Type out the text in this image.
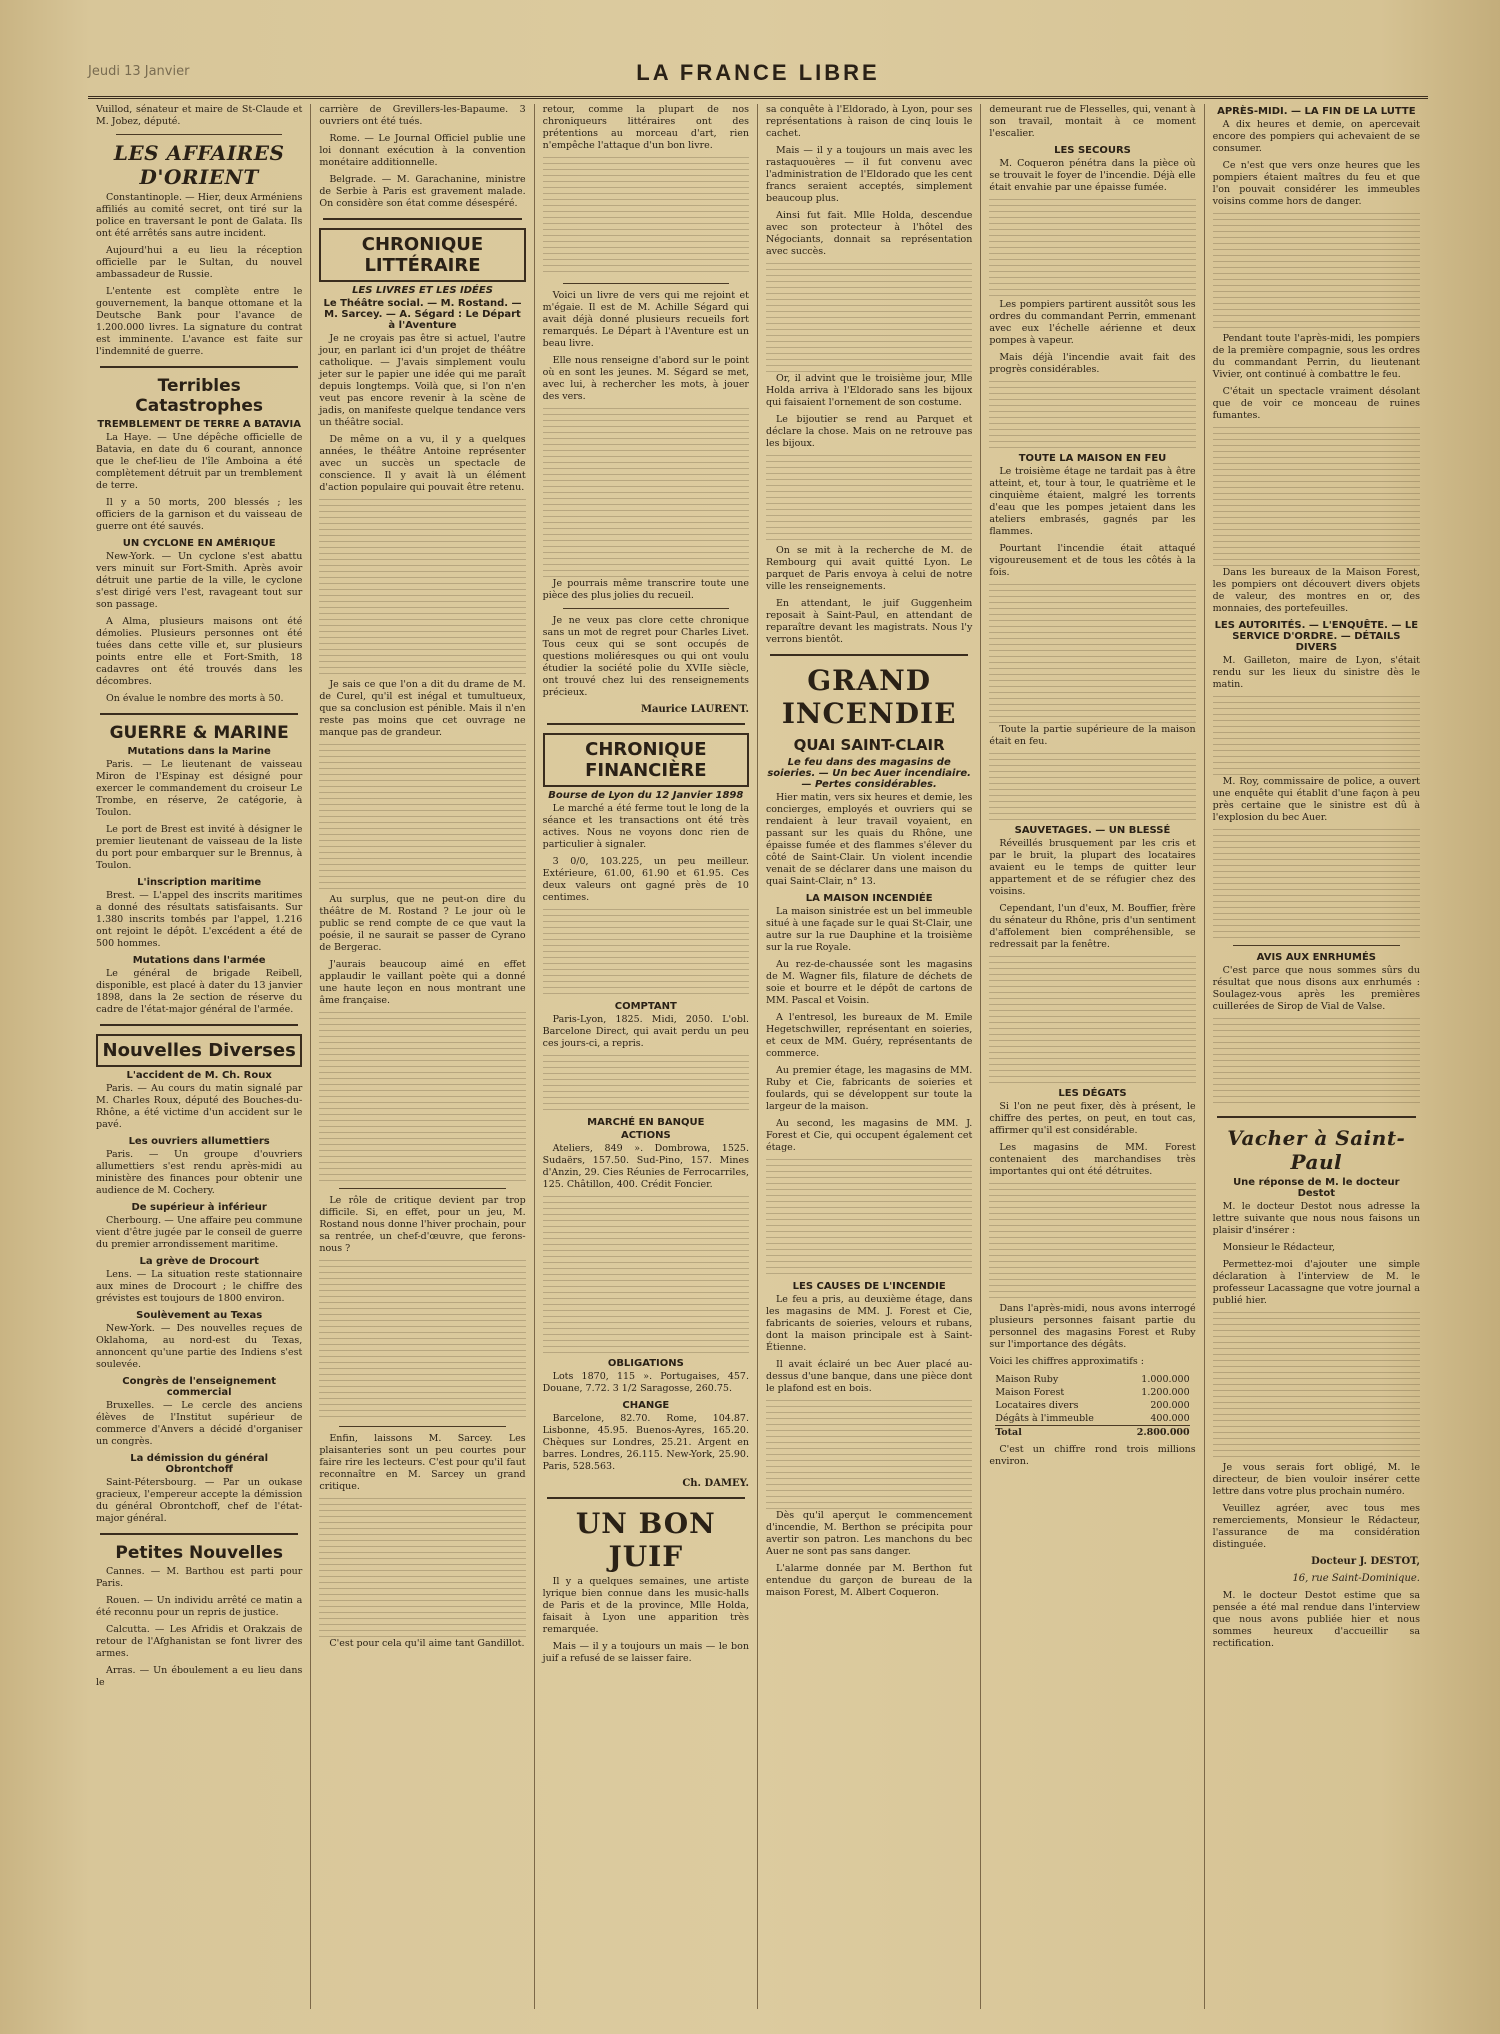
Jeudi 13 Janvier	LA FRANCE LIBRE

Vuillod, sénateur et maire de St-Claude et M. Jobez, député.

LES AFFAIRES D'ORIENT

Constantinople. — Hier, deux Arméniens affiliés au comité secret, ont tiré sur la police en traversant le pont de Galata. Ils ont été arrêtés sans autre incident.

Aujourd'hui a eu lieu la réception officielle par le Sultan, du nouvel ambassadeur de Russie.

L'entente est complète entre le gouvernement, la banque ottomane et la Deutsche Bank pour l'avance de 1.200.000 livres. La signature du contrat est imminente. L'avance est faite sur l'indemnité de guerre.

Terribles Catastrophes
TREMBLEMENT DE TERRE A BATAVIA

La Haye. — Une dépêche officielle de Batavia, en date du 6 courant, annonce que le chef-lieu de l'île Amboina a été complètement détruit par un tremblement de terre.

Il y a 50 morts, 200 blessés ; les officiers de la garnison et du vaisseau de guerre ont été sauvés.

UN CYCLONE EN AMÉRIQUE

New-York. — Un cyclone s'est abattu vers minuit sur Fort-Smith. Après avoir détruit une partie de la ville, le cyclone s'est dirigé vers l'est, ravageant tout sur son passage.

A Alma, plusieurs maisons ont été démolies. Plusieurs personnes ont été tuées dans cette ville et, sur plusieurs points entre elle et Fort-Smith, 18 cadavres ont été trouvés dans les décombres.

On évalue le nombre des morts à 50.

GUERRE & MARINE
Mutations dans la Marine

Paris. — Le lieutenant de vaisseau Miron de l'Espinay est désigné pour exercer le commandement du croiseur Le Trombe, en réserve, 2e catégorie, à Toulon.

Le port de Brest est invité à désigner le premier lieutenant de vaisseau de la liste du port pour embarquer sur le Brennus, à Toulon.

L'inscription maritime

Brest. — L'appel des inscrits maritimes a donné des résultats satisfaisants. Sur 1.380 inscrits tombés par l'appel, 1.216 ont rejoint le dépôt. L'excédent a été de 500 hommes.

Mutations dans l'armée

Le général de brigade Reibell, disponible, est placé à dater du 13 janvier 1898, dans la 2e section de réserve du cadre de l'état-major général de l'armée.

Nouvelles Diverses
L'accident de M. Ch. Roux

Paris. — Au cours du matin signalé par M. Charles Roux, député des Bouches-du-Rhône, a été victime d'un accident sur le pavé.

Les ouvriers allumettiers

Paris. — Un groupe d'ouvriers allumettiers s'est rendu après-midi au ministère des finances pour obtenir une audience de M. Cochery.

De supérieur à inférieur

Cherbourg. — Une affaire peu commune vient d'être jugée par le conseil de guerre du premier arrondissement maritime.

La grève de Drocourt

Lens. — La situation reste stationnaire aux mines de Drocourt ; le chiffre des grévistes est toujours de 1800 environ.

Soulèvement au Texas

New-York. — Des nouvelles reçues de Oklahoma, au nord-est du Texas, annoncent qu'une partie des Indiens s'est soulevée.

Congrès de l'enseignement commercial

Bruxelles. — Le cercle des anciens élèves de l'Institut supérieur de commerce d'Anvers a décidé d'organiser un congrès.

La démission du général Obrontchoff

Saint-Pétersbourg. — Par un oukase gracieux, l'empereur accepte la démission du général Obrontchoff, chef de l'état-major général.

Petites Nouvelles

Cannes. — M. Barthou est parti pour Paris.

Rouen. — Un individu arrêté ce matin a été reconnu pour un repris de justice.

Calcutta. — Les Afridis et Orakzais de retour de l'Afghanistan se font livrer des armes.

Arras. — Un éboulement a eu lieu dans le

carrière de Grevillers-les-Bapaume. 3 ouvriers ont été tués.

Rome. — Le Journal Officiel publie une loi donnant exécution à la convention monétaire additionnelle.

Belgrade. — M. Garachanine, ministre de Serbie à Paris est gravement malade. On considère son état comme désespéré.

CHRONIQUE LITTÉRAIRE
LES LIVRES ET LES IDÉES
Le Théâtre social. — M. Rostand. — M. Sarcey. — A. Ségard : Le Départ à l'Aventure

Je ne croyais pas être si actuel, l'autre jour, en parlant ici d'un projet de théâtre catholique. — J'avais simplement voulu jeter sur le papier une idée qui me paraît depuis longtemps. Voilà que, si l'on n'en veut pas encore revenir à la scène de jadis, on manifeste quelque tendance vers un théâtre social.

De même on a vu, il y a quelques années, le théâtre Antoine représenter avec un succès un spectacle de conscience. Il y avait là un élément d'action populaire qui pouvait être retenu.

Je sais ce que l'on a dit du drame de M. de Curel, qu'il est inégal et tumultueux, que sa conclusion est pénible. Mais il n'en reste pas moins que cet ouvrage ne manque pas de grandeur.

Au surplus, que ne peut-on dire du théâtre de M. Rostand ? Le jour où le public se rend compte de ce que vaut la poésie, il ne saurait se passer de Cyrano de Bergerac.

J'aurais beaucoup aimé en effet applaudir le vaillant poète qui a donné une haute leçon en nous montrant une âme française.

Le rôle de critique devient par trop difficile. Si, en effet, pour un jeu, M. Rostand nous donne l'hiver prochain, pour sa rentrée, un chef-d'œuvre, que ferons-nous ?

Enfin, laissons M. Sarcey. Les plaisanteries sont un peu courtes pour faire rire les lecteurs. C'est pour qu'il faut reconnaître en M. Sarcey un grand critique.

C'est pour cela qu'il aime tant Gandillot.

retour, comme la plupart de nos chroniqueurs littéraires ont des prétentions au morceau d'art, rien n'empêche l'attaque d'un bon livre.

Voici un livre de vers qui me rejoint et m'égaie. Il est de M. Achille Ségard qui avait déjà donné plusieurs recueils fort remarqués. Le Départ à l'Aventure est un beau livre.

Elle nous renseigne d'abord sur le point où en sont les jeunes. M. Ségard se met, avec lui, à rechercher les mots, à jouer des vers.

Je pourrais même transcrire toute une pièce des plus jolies du recueil.

Je ne veux pas clore cette chronique sans un mot de regret pour Charles Livet. Tous ceux qui se sont occupés de questions moliéresques ou qui ont voulu étudier la société polie du XVIIe siècle, ont trouvé chez lui des renseignements précieux.

Maurice LAURENT.
CHRONIQUE FINANCIÈRE
Bourse de Lyon du 12 Janvier 1898

Le marché a été ferme tout le long de la séance et les transactions ont été très actives. Nous ne voyons donc rien de particulier à signaler.

3 0/0, 103.225, un peu meilleur. Extérieure, 61.00, 61.90 et 61.95. Ces deux valeurs ont gagné près de 10 centimes.

COMPTANT

Paris-Lyon, 1825. Midi, 2050. L'obl. Barcelone Direct, qui avait perdu un peu ces jours-ci, a repris.

MARCHÉ EN BANQUE
ACTIONS

Ateliers, 849 ». Dombrowa, 1525. Sudaërs, 157.50. Sud-Pino, 157. Mines d'Anzin, 29. Cies Réunies de Ferrocarriles, 125. Châtillon, 400. Crédit Foncier.

OBLIGATIONS

Lots 1870, 115 ». Portugaises, 457. Douane, 7.72. 3 1/2 Saragosse, 260.75.

CHANGE

Barcelone, 82.70. Rome, 104.87. Lisbonne, 45.95. Buenos-Ayres, 165.20. Chèques sur Londres, 25.21. Argent en barres. Londres, 26.115. New-York, 25.90. Paris, 528.563.

Ch. DAMEY.
UN BON JUIF

Il y a quelques semaines, une artiste lyrique bien connue dans les music-halls de Paris et de la province, Mlle Holda, faisait à Lyon une apparition très remarquée.

Mais — il y a toujours un mais — le bon juif a refusé de se laisser faire.

sa conquête à l'Eldorado, à Lyon, pour ses représentations à raison de cinq louis le cachet.

Mais — il y a toujours un mais avec les rastaquouères — il fut convenu avec l'administration de l'Eldorado que les cent francs seraient acceptés, simplement beaucoup plus.

Ainsi fut fait. Mlle Holda, descendue avec son protecteur à l'hôtel des Négociants, donnait sa représentation avec succès.

Or, il advint que le troisième jour, Mlle Holda arriva à l'Eldorado sans les bijoux qui faisaient l'ornement de son costume.

Le bijoutier se rend au Parquet et déclare la chose. Mais on ne retrouve pas les bijoux.

On se mit à la recherche de M. de Rembourg qui avait quitté Lyon. Le parquet de Paris envoya à celui de notre ville les renseignements.

En attendant, le juif Guggenheim reposait à Saint-Paul, en attendant de reparaître devant les magistrats. Nous l'y verrons bientôt.

GRAND INCENDIE
QUAI SAINT-CLAIR
Le feu dans des magasins de soieries. — Un bec Auer incendiaire. — Pertes considérables.

Hier matin, vers six heures et demie, les concierges, employés et ouvriers qui se rendaient à leur travail voyaient, en passant sur les quais du Rhône, une épaisse fumée et des flammes s'élever du côté de Saint-Clair. Un violent incendie venait de se déclarer dans une maison du quai Saint-Clair, n° 13.

LA MAISON INCENDIÉE

La maison sinistrée est un bel immeuble situé à une façade sur le quai St-Clair, une autre sur la rue Dauphine et la troisième sur la rue Royale.

Au rez-de-chaussée sont les magasins de M. Wagner fils, filature de déchets de soie et bourre et le dépôt de cartons de MM. Pascal et Voisin.

A l'entresol, les bureaux de M. Emile Hegetschwiller, représentant en soieries, et ceux de MM. Guéry, représentants de commerce.

Au premier étage, les magasins de MM. Ruby et Cie, fabricants de soieries et foulards, qui se développent sur toute la largeur de la maison.

Au second, les magasins de MM. J. Forest et Cie, qui occupent également cet étage.

LES CAUSES DE L'INCENDIE

Le feu a pris, au deuxième étage, dans les magasins de MM. J. Forest et Cie, fabricants de soieries, velours et rubans, dont la maison principale est à Saint-Étienne.

Il avait éclairé un bec Auer placé au-dessus d'une banque, dans une pièce dont le plafond est en bois.

Dès qu'il aperçut le commencement d'incendie, M. Berthon se précipita pour avertir son patron. Les manchons du bec Auer ne sont pas sans danger.

L'alarme donnée par M. Berthon fut entendue du garçon de bureau de la maison Forest, M. Albert Coqueron.

demeurant rue de Flesselles, qui, venant à son travail, montait à ce moment l'escalier.

LES SECOURS

M. Coqueron pénétra dans la pièce où se trouvait le foyer de l'incendie. Déjà elle était envahie par une épaisse fumée.

Les pompiers partirent aussitôt sous les ordres du commandant Perrin, emmenant avec eux l'échelle aérienne et deux pompes à vapeur.

Mais déjà l'incendie avait fait des progrès considérables.

TOUTE LA MAISON EN FEU

Le troisième étage ne tardait pas à être atteint, et, tour à tour, le quatrième et le cinquième étaient, malgré les torrents d'eau que les pompes jetaient dans les ateliers embrasés, gagnés par les flammes.

Pourtant l'incendie était attaqué vigoureusement et de tous les côtés à la fois.

Toute la partie supérieure de la maison était en feu.

SAUVETAGES. — UN BLESSÉ

Réveillés brusquement par les cris et par le bruit, la plupart des locataires avaient eu le temps de quitter leur appartement et de se réfugier chez des voisins.

Cependant, l'un d'eux, M. Bouffier, frère du sénateur du Rhône, pris d'un sentiment d'affolement bien compréhensible, se redressait par la fenêtre.

LES DÉGATS

Si l'on ne peut fixer, dès à présent, le chiffre des pertes, on peut, en tout cas, affirmer qu'il est considérable.

Les magasins de MM. Forest contenaient des marchandises très importantes qui ont été détruites.

Dans l'après-midi, nous avons interrogé plusieurs personnes faisant partie du personnel des magasins Forest et Ruby sur l'importance des dégâts.

Voici les chiffres approximatifs :

Maison Ruby	1.000.000
Maison Forest	1.200.000
Locataires divers	200.000
Dégâts à l'immeuble	400.000
Total	2.800.000

C'est un chiffre rond trois millions environ.

APRÈS-MIDI. — LA FIN DE LA LUTTE

A dix heures et demie, on apercevait encore des pompiers qui achevaient de se consumer.

Ce n'est que vers onze heures que les pompiers étaient maîtres du feu et que l'on pouvait considérer les immeubles voisins comme hors de danger.

Pendant toute l'après-midi, les pompiers de la première compagnie, sous les ordres du commandant Perrin, du lieutenant Vivier, ont continué à combattre le feu.

C'était un spectacle vraiment désolant que de voir ce monceau de ruines fumantes.

Dans les bureaux de la Maison Forest, les pompiers ont découvert divers objets de valeur, des montres en or, des monnaies, des portefeuilles.

LES AUTORITÉS. — L'ENQUÊTE. — LE SERVICE D'ORDRE. — DÉTAILS DIVERS

M. Gailleton, maire de Lyon, s'était rendu sur les lieux du sinistre dès le matin.

M. Roy, commissaire de police, a ouvert une enquête qui établit d'une façon à peu près certaine que le sinistre est dû à l'explosion du bec Auer.

AVIS AUX ENRHUMÉS

C'est parce que nous sommes sûrs du résultat que nous disons aux enrhumés : Soulagez-vous après les premières cuillerées de Sirop de Vial de Valse.

Vacher à Saint-Paul
Une réponse de M. le docteur Destot

M. le docteur Destot nous adresse la lettre suivante que nous nous faisons un plaisir d'insérer :

Monsieur le Rédacteur,

Permettez-moi d'ajouter une simple déclaration à l'interview de M. le professeur Lacassagne que votre journal a publié hier.

Je vous serais fort obligé, M. le directeur, de bien vouloir insérer cette lettre dans votre plus prochain numéro.

Veuillez agréer, avec tous mes remerciements, Monsieur le Rédacteur, l'assurance de ma considération distinguée.

Docteur J. DESTOT,
16, rue Saint-Dominique.

M. le docteur Destot estime que sa pensée a été mal rendue dans l'interview que nous avons publiée hier et nous sommes heureux d'accueillir sa rectification.
